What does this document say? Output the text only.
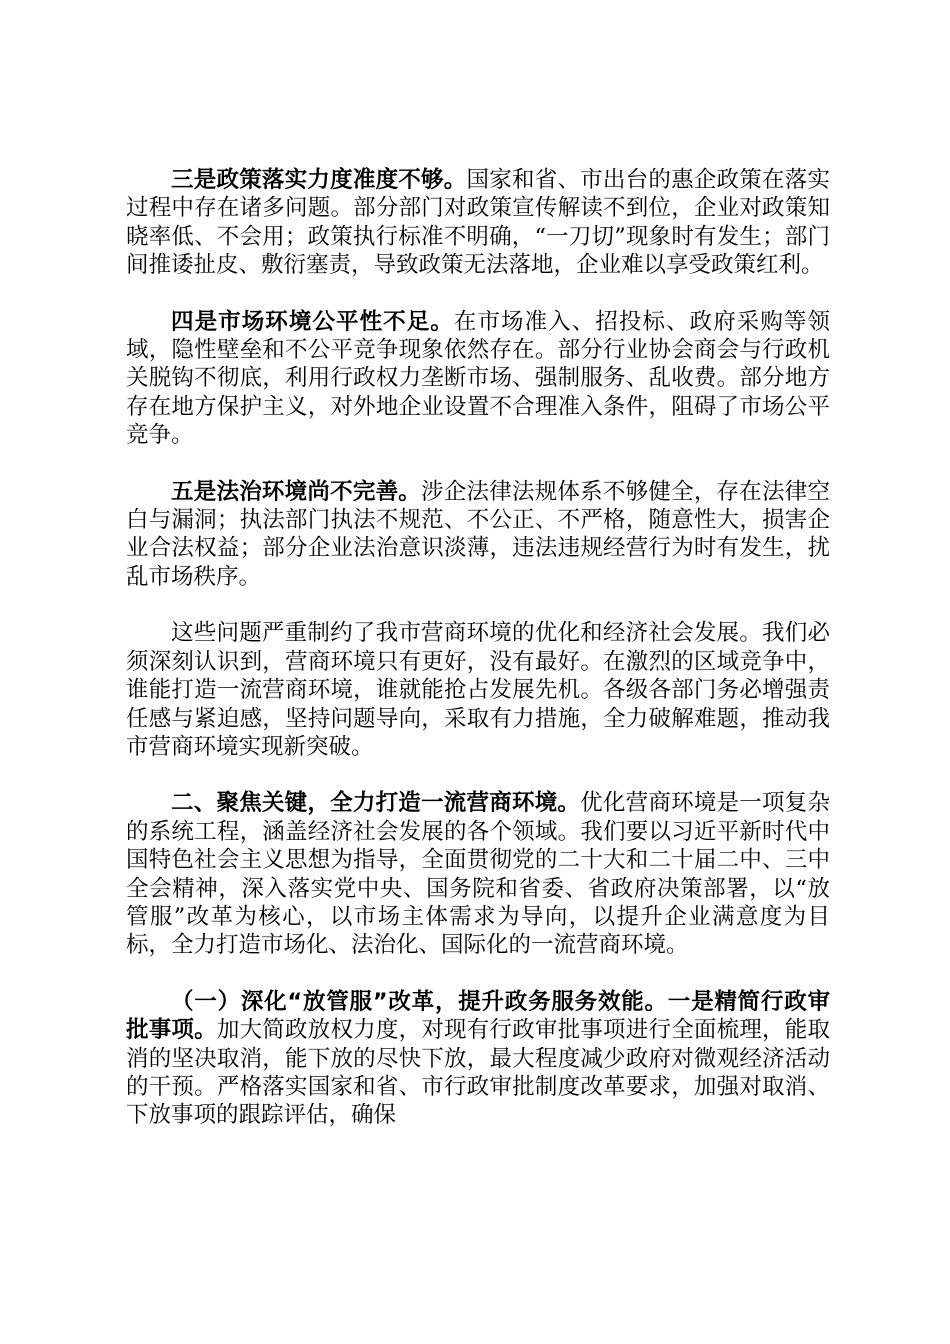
三是政策落实力度准度不够。国家和省、市出台的惠企政策在落实过程中存在诸多问题。部分部门对政策宣传解读不到位，企业对政策知晓率低、不会用；政策执行标准不明确，“一刀切”现象时有发生；部门间推诿扯皮、敷衍塞责，导致政策无法落地，企业难以享受政策红利。

四是市场环境公平性不足。在市场准入、招投标、政府采购等领域，隐性壁垒和不公平竞争现象依然存在。部分行业协会商会与行政机关脱钩不彻底，利用行政权力垄断市场、强制服务、乱收费。部分地方存在地方保护主义，对外地企业设置不合理准入条件，阻碍了市场公平竞争。

五是法治环境尚不完善。涉企法律法规体系不够健全，存在法律空白与漏洞；执法部门执法不规范、不公正、不严格，随意性大，损害企业合法权益；部分企业法治意识淡薄，违法违规经营行为时有发生，扰乱市场秩序。

这些问题严重制约了我市营商环境的优化和经济社会发展。我们必须深刻认识到，营商环境只有更好，没有最好。在激烈的区域竞争中，谁能打造一流营商环境，谁就能抢占发展先机。各级各部门务必增强责任感与紧迫感，坚持问题导向，采取有力措施，全力破解难题，推动我市营商环境实现新突破。

二、聚焦关键，全力打造一流营商环境。优化营商环境是一项复杂的系统工程，涵盖经济社会发展的各个领域。我们要以习近平新时代中国特色社会主义思想为指导，全面贯彻党的二十大和二十届二中、三中全会精神，深入落实党中央、国务院和省委、省政府决策部署，以“放管服”改革为核心，以市场主体需求为导向，以提升企业满意度为目标，全力打造市场化、法治化、国际化的一流营商环境。

（一）深化“放管服”改革，提升政务服务效能。一是精简行政审批事项。加大简政放权力度，对现有行政审批事项进行全面梳理，能取消的坚决取消，能下放的尽快下放，最大程度减少政府对微观经济活动的干预。严格落实国家和省、市行政审批制度改革要求，加强对取消、下放事项的跟踪评估，确保
